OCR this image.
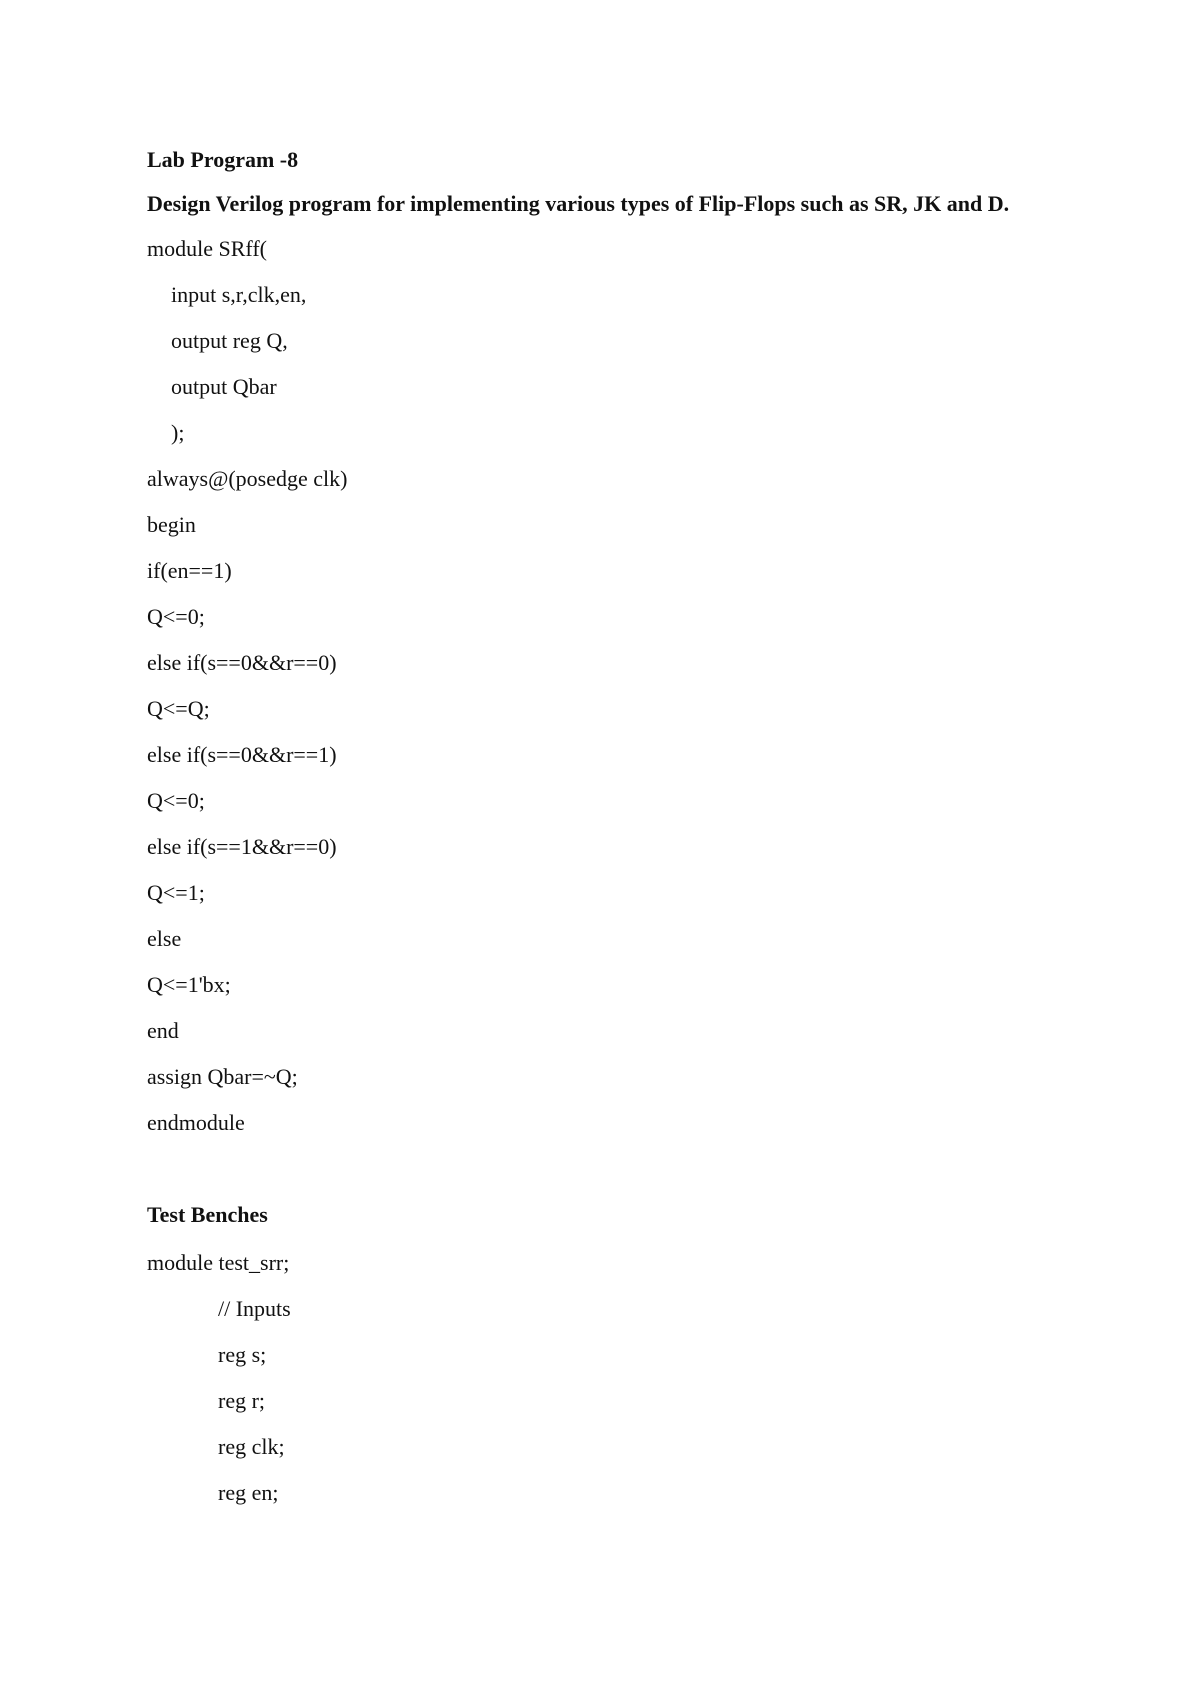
Lab Program -8
Design Verilog program for implementing various types of Flip-Flops such as SR, JK and D.
module SRff(
input s,r,clk,en,
output reg Q,
output Qbar
);
always@(posedge clk)
begin
if(en==1)
Q<=0;
else if(s==0&&r==0)
Q<=Q;
else if(s==0&&r==1)
Q<=0;
else if(s==1&&r==0)
Q<=1;
else
Q<=1'bx;
end
assign Qbar=~Q;
endmodule
Test Benches
module test_srr;
// Inputs
reg s;
reg r;
reg clk;
reg en;
